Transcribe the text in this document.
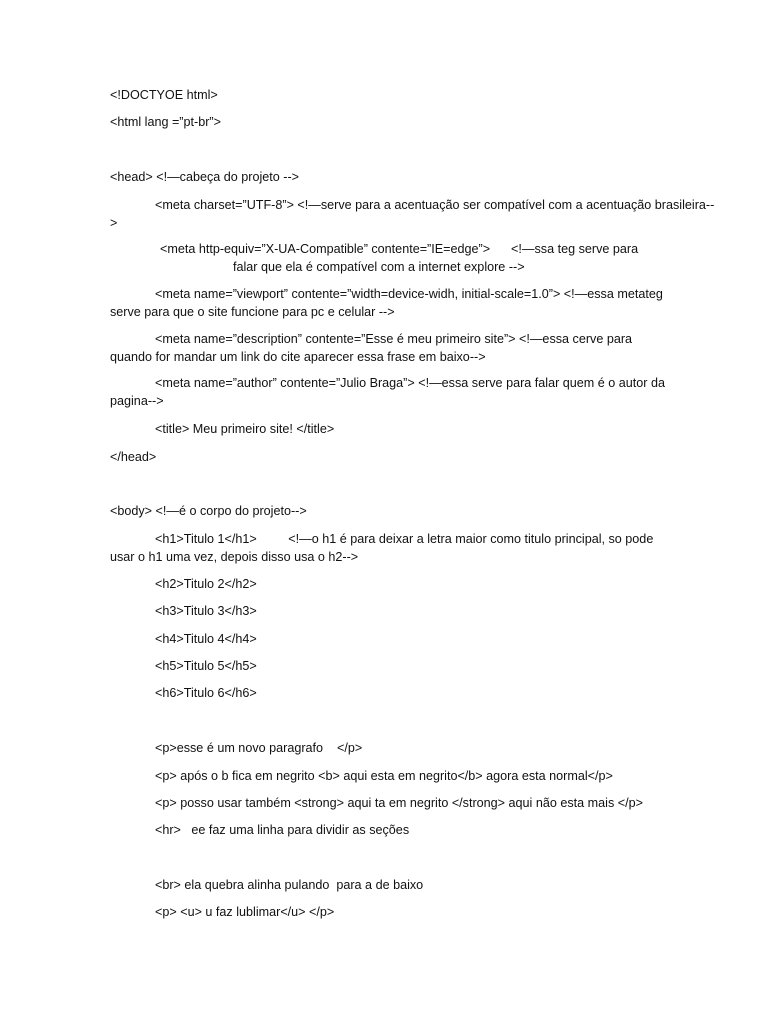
<!DOCTYOE html>
<html lang =”pt-br”>
<head> <!—cabeça do projeto -->
<meta charset=”UTF-8”> <!—serve para a acentuação ser compatível com a acentuação brasileira-->
<meta http-equiv=”X-UA-Compatible” contente=”IE=edge”>      <!—ssa teg serve para
falar que ela é compatível com a internet explore -->
<meta name=”viewport” contente=”width=device-widh, initial-scale=1.0”> <!—essa metateg serve para que o site funcione para pc e celular -->
<meta name=”description” contente=”Esse é meu primeiro site”> <!—essa cerve para quando for mandar um link do cite aparecer essa frase em baixo-->
<meta name=”author” contente=”Julio Braga”> <!—essa serve para falar quem é o autor da pagina-->
<title> Meu primeiro site! </title>
</head>
<body> <!—é o corpo do projeto-->
<h1>Titulo 1</h1>         <!—o h1 é para deixar a letra maior como titulo principal, so pode usar o h1 uma vez, depois disso usa o h2-->
<h2>Titulo 2</h2>
<h3>Titulo 3</h3>
<h4>Titulo 4</h4>
<h5>Titulo 5</h5>
<h6>Titulo 6</h6>
<p>esse é um novo paragrafo    </p>
<p> após o b fica em negrito <b> aqui esta em negrito</b> agora esta normal</p>
<p> posso usar também <strong> aqui ta em negrito </strong> aqui não esta mais </p>
<hr>   ee faz uma linha para dividir as seções
<br> ela quebra alinha pulando  para a de baixo
<p> <u> u faz lublimar</u> </p>
